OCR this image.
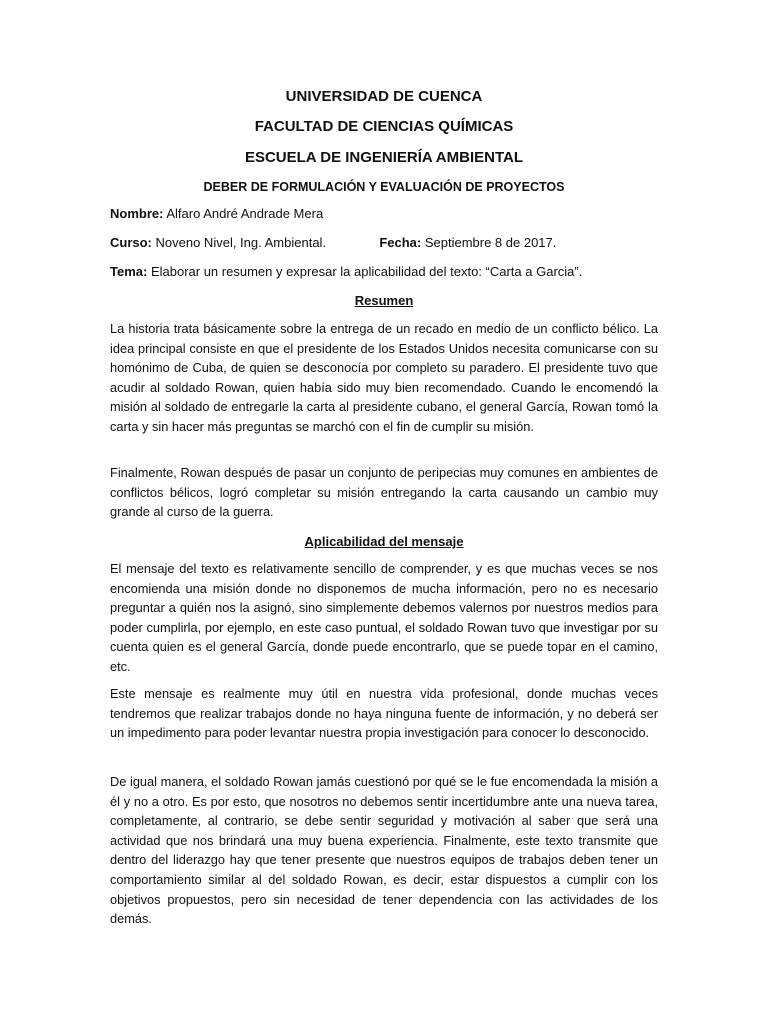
UNIVERSIDAD DE CUENCA
FACULTAD DE CIENCIAS QUÍMICAS
ESCUELA DE INGENIERÍA AMBIENTAL
DEBER DE FORMULACIÓN Y EVALUACIÓN DE PROYECTOS
Nombre: Alfaro André Andrade Mera
Curso: Noveno Nivel, Ing. Ambiental.	Fecha: Septiembre 8 de 2017.
Tema: Elaborar un resumen y expresar la aplicabilidad del texto: “Carta a Garcia”.
Resumen

La historia trata básicamente sobre la entrega de un recado en medio de un conflicto bélico. La idea principal consiste en que el presidente de los Estados Unidos necesita comunicarse con su homónimo de Cuba, de quien se desconocía por completo su paradero. El presidente tuvo que acudir al soldado Rowan, quien había sido muy bien recomendado. Cuando le encomendó la misión al soldado de entregarle la carta al presidente cubano, el general García, Rowan tomó la carta y sin hacer más preguntas se marchó con el fin de cumplir su misión.

Finalmente, Rowan después de pasar un conjunto de peripecias muy comunes en ambientes de conflictos bélicos, logró completar su misión entregando la carta causando un cambio muy grande al curso de la guerra.

Aplicabilidad del mensaje

El mensaje del texto es relativamente sencillo de comprender, y es que muchas veces se nos encomienda una misión donde no disponemos de mucha información, pero no es necesario preguntar a quién nos la asignó, sino simplemente debemos valernos por nuestros medios para poder cumplirla, por ejemplo, en este caso puntual, el soldado Rowan tuvo que investigar por su cuenta quien es el general García, donde puede encontrarlo, que se puede topar en el camino, etc.

Este mensaje es realmente muy útil en nuestra vida profesional, donde muchas veces tendremos que realizar trabajos donde no haya ninguna fuente de información, y no deberá ser un impedimento para poder levantar nuestra propia investigación para conocer lo desconocido.

De igual manera, el soldado Rowan jamás cuestionó por qué se le fue encomendada la misión a él y no a otro. Es por esto, que nosotros no debemos sentir incertidumbre ante una nueva tarea, completamente, al contrario, se debe sentir seguridad y motivación al saber que será una actividad que nos brindará una muy buena experiencia. Finalmente, este texto transmite que dentro del liderazgo hay que tener presente que nuestros equipos de trabajos deben tener un comportamiento similar al del soldado Rowan, es decir, estar dispuestos a cumplir con los objetivos propuestos, pero sin necesidad de tener dependencia con las actividades de los demás.
